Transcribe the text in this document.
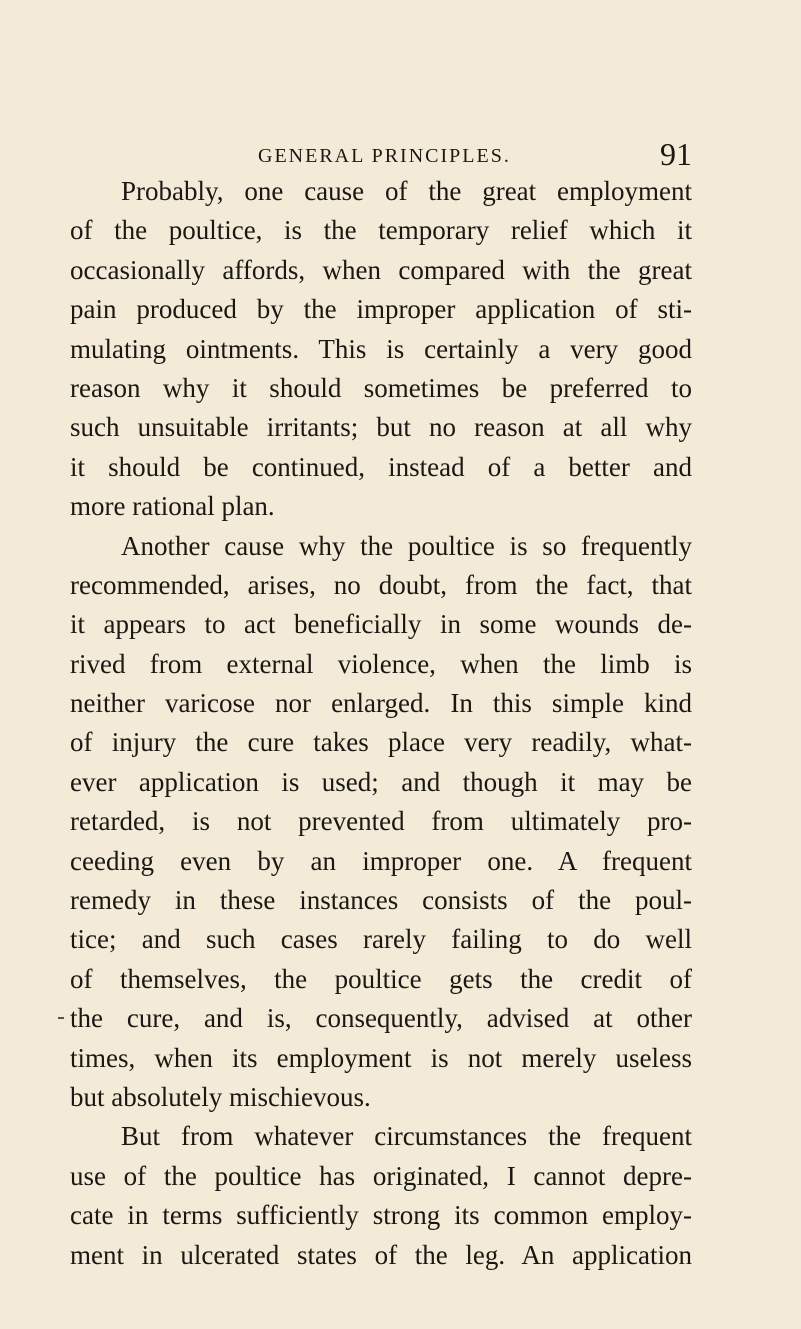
GENERAL PRINCIPLES.	91
Probably, one cause of the great employment
of the poultice, is the temporary relief which it
occasionally affords, when compared with the great
pain produced by the improper application of sti-
mulating ointments. This is certainly a very good
reason why it should sometimes be preferred to
such unsuitable irritants; but no reason at all why
it should be continued, instead of a better and
more rational plan.
Another cause why the poultice is so frequently
recommended, arises, no doubt, from the fact, that
it appears to act beneficially in some wounds de-
rived from external violence, when the limb is
neither varicose nor enlarged. In this simple kind
of injury the cure takes place very readily, what-
ever application is used; and though it may be
retarded, is not prevented from ultimately pro-
ceeding even by an improper one. A frequent
remedy in these instances consists of the poul-
tice; and such cases rarely failing to do well
of themselves, the poultice gets the credit of
the cure, and is, consequently, advised at other
times, when its employment is not merely useless
but absolutely mischievous.
But from whatever circumstances the frequent
use of the poultice has originated, I cannot depre-
cate in terms sufficiently strong its common employ-
ment in ulcerated states of the leg. An application
